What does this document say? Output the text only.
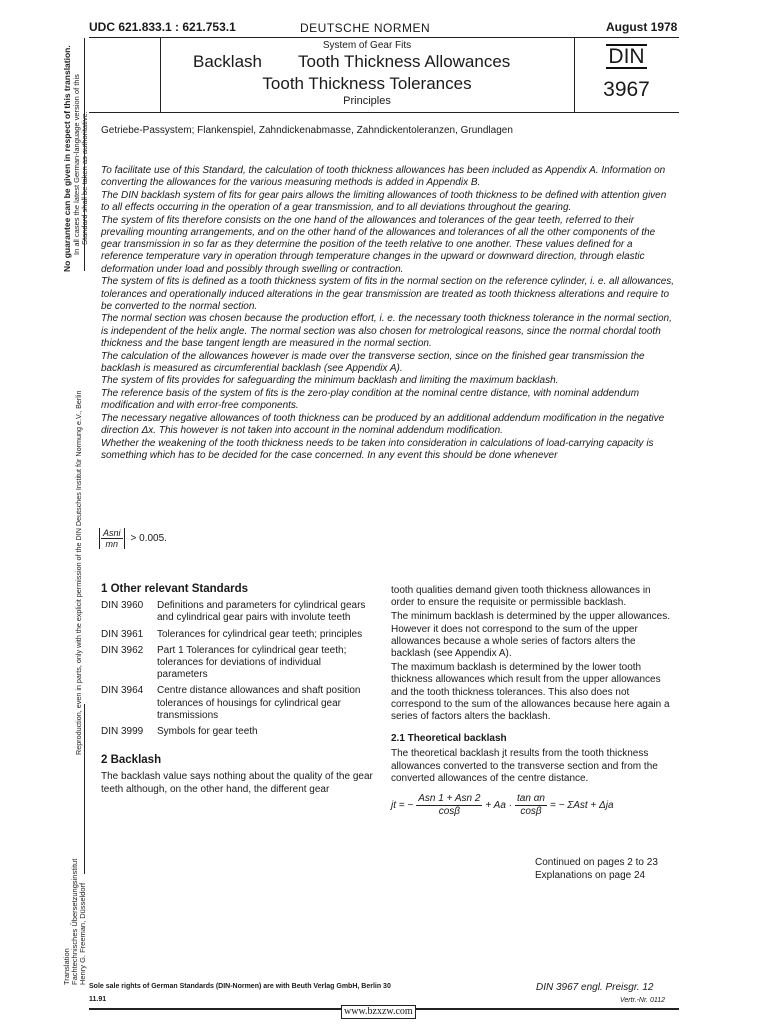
UDC 621.833.1 : 621.753.1	DEUTSCHE NORMEN	August 1978
System of Gear Fits
Backlash Tooth Thickness Allowances
Tooth Thickness Tolerances
Principles
DIN
3967
No guarantee can be given in respect of this translation. In all cases the latest German-language version of this Standard shall be taken as authoritative.
Reproduction, even in parts, only with the explicit permission of the DIN Deutsches Institut für Normung e.V., Berlin
Translation Fachtechnisches Übersetzungsinstitut Henry G. Freeman, Düsseldorf
Getriebe-Passystem; Flankenspiel, Zahndickenabmasse, Zahndickentoleranzen, Grundlagen

To facilitate use of this Standard, the calculation of tooth thickness allowances has been included as Appendix A. Information on converting the allowances for the various measuring methods is added in Appendix B.

The DIN backlash system of fits for gear pairs allows the limiting allowances of tooth thickness to be defined with attention given to all effects occurring in the operation of a gear transmission, and to all deviations throughout the gearing.

The system of fits therefore consists on the one hand of the allowances and tolerances of the gear teeth, referred to their prevailing mounting arrangements, and on the other hand of the allowances and tolerances of all the other components of the gear transmission in so far as they determine the position of the teeth relative to one another. These values defined for a reference temperature vary in operation through temperature changes in the upward or downward direction, through elastic deformation under load and possibly through swelling or contraction.

The system of fits is defined as a tooth thickness system of fits in the normal section on the reference cylinder, i. e. all allowances, tolerances and operationally induced alterations in the gear transmission are treated as tooth thickness alterations and require to be converted to the normal section.

The normal section was chosen because the production effort, i. e. the necessary tooth thickness tolerance in the normal section, is independent of the helix angle. The normal section was also chosen for metrological reasons, since the normal chordal tooth thickness and the base tangent length are measured in the normal section.

The calculation of the allowances however is made over the transverse section, since on the finished gear transmission the backlash is measured as circumferential backlash (see Appendix A).

The system of fits provides for safeguarding the minimum backlash and limiting the maximum backlash.

The reference basis of the system of fits is the zero-play condition at the nominal centre distance, with nominal addendum modification and with error-free components.

The necessary negative allowances of tooth thickness can be produced by an additional addendum modification in the negative direction Δx. This however is not taken into account in the nominal addendum modification.

Whether the weakening of the tooth thickness needs to be taken into consideration in calculations of load-carrying capacity is something which has to be decided for the case concerned. In any event this should be done whenever

$\frac{\text{Asni}}{mn} > 0.005$.
1 Other relevant Standards
DIN 3960	Definitions and parameters for cylindrical gears and cylindrical gear pairs with involute teeth
DIN 3961	Tolerances for cylindrical gear teeth; principles
DIN 3962	Part 1 Tolerances for cylindrical gear teeth; tolerances for deviations of individual parameters
DIN 3964	Centre distance allowances and shaft position tolerances of housings for cylindrical gear transmissions
DIN 3999	Symbols for gear teeth
2 Backlash
The backlash value says nothing about the quality of the gear teeth although, on the other hand, the different gear
tooth qualities demand given tooth thickness allowances in order to ensure the requisite or permissible backlash.
The minimum backlash is determined by the upper allowances. However it does not correspond to the sum of the upper allowances because a whole series of factors alters the backlash (see Appendix A).
The maximum backlash is determined by the lower tooth thickness allowances which result from the upper allowances and the tooth thickness tolerances. This also does not correspond to the sum of the allowances because here again a series of factors alters the backlash.
2.1 Theoretical backlash
The theoretical backlash jt results from the tooth thickness allowances converted to the transverse section and from the converted allowances of the centre distance.
jt = − $\frac{\text{Asn 1 + Asn 2}}{\cos\beta} + Aa \cdot \frac{\text{tan αn}}{\cos\beta}$ = − ΣAst + Δja
Continued on pages 2 to 23
Explanations on page 24
Sole sale rights of German Standards (DIN-Normen) are with Beuth Verlag GmbH, Berlin 30
11.91
www.bzxzw.com
DIN 3967 engl. Preisgr. 12
Vertr.-Nr. 0112
